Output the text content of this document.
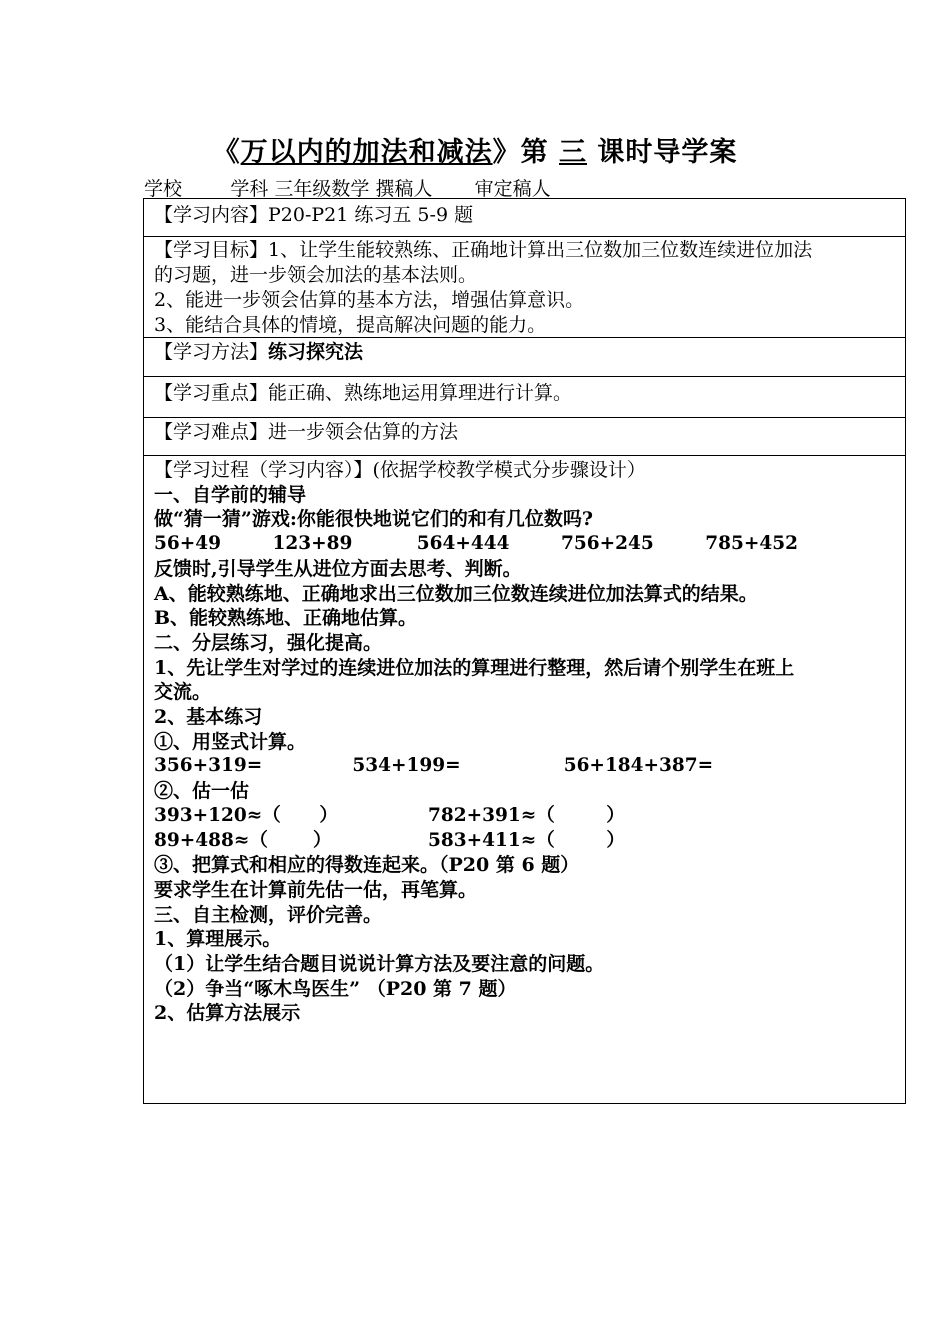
《万以内的加法和减法》第 三 课时导学案
学校        学科 三年级数学 撰稿人       审定稿人
【学习内容】P20-P21 练习五 5-9 题
【学习目标】1、让学生能较熟练、正确地计算出三位数加三位数连续进位加法
的习题，进一步领会加法的基本法则。
2、能进一步领会估算的基本方法，增强估算意识。
3、能结合具体的情境，提高解决问题的能力。
【学习方法】练习探究法
【学习重点】能正确、熟练地运用算理进行计算。
【学习难点】进一步领会估算的方法
【学习过程（学习内容）】(依据学校教学模式分步骤设计）
一、自学前的辅导
做“猜一猜”游戏:你能很快地说它们的和有几位数吗?
56+49        123+89          564+444        756+245        785+452
反馈时,引导学生从进位方面去思考、判断。
A、能较熟练地、正确地求出三位数加三位数连续进位加法算式的结果。
B、能较熟练地、正确地估算。
二、分层练习，强化提高。
1、先让学生对学过的连续进位加法的算理进行整理，然后请个别学生在班上
交流。
2、基本练习
①、用竖式计算。
356+319=              534+199=                56+184+387=
②、估一估
393+120≈（      ）              782+391≈（        ）
89+488≈（       ）               583+411≈（        ）
③、把算式和相应的得数连起来。（P20 第 6 题）
要求学生在计算前先估一估，再笔算。
三、自主检测，评价完善。
1、算理展示。
（1）让学生结合题目说说计算方法及要注意的问题。
（2）争当“啄木鸟医生” （P20 第 7 题）
2、估算方法展示
